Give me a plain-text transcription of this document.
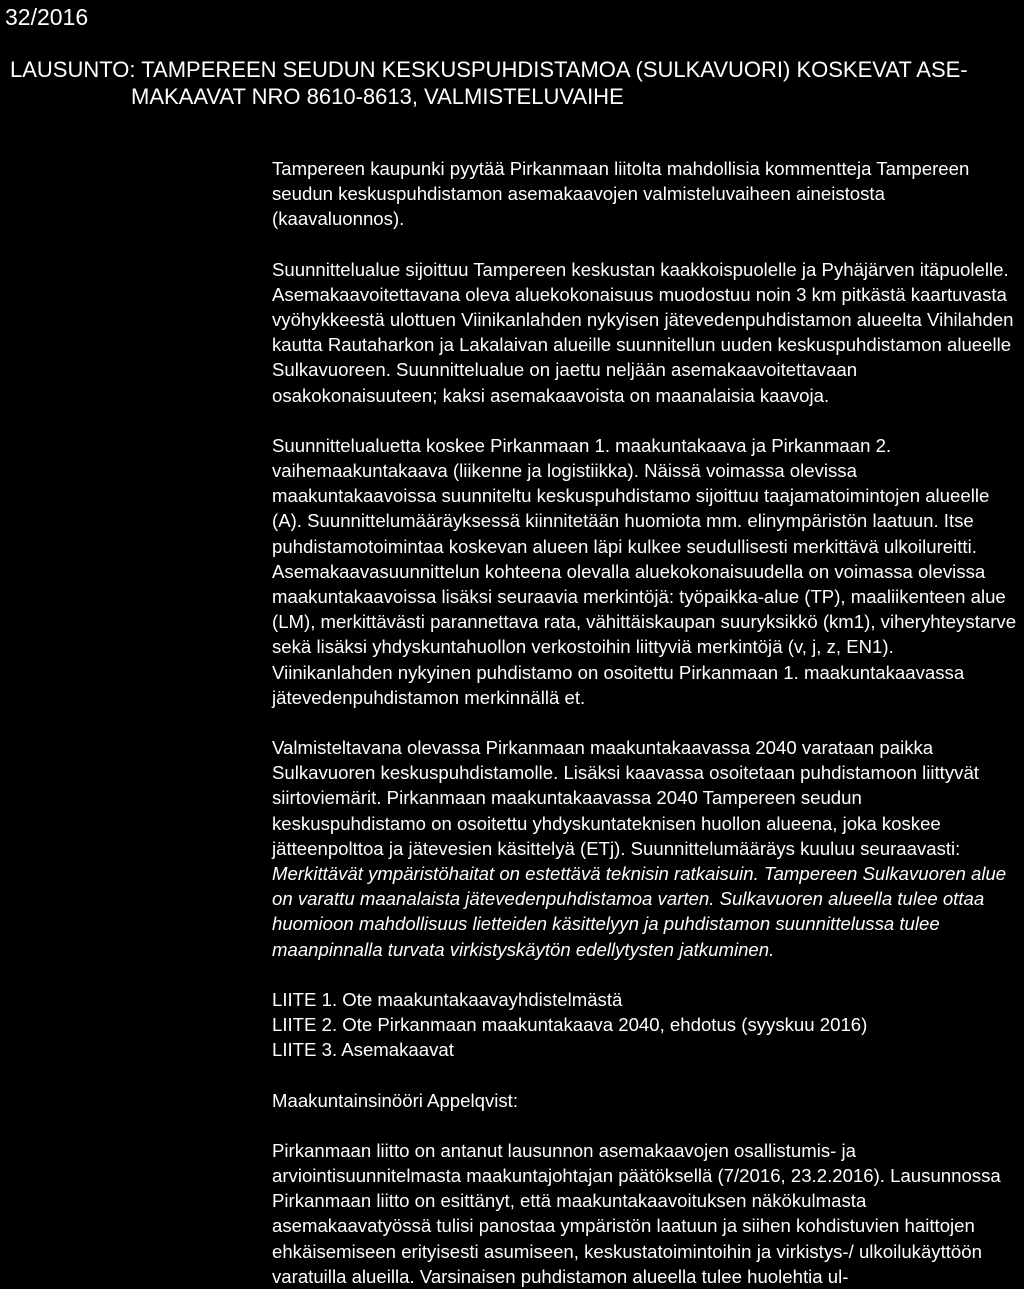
32/2016
LAUSUNTO: TAMPEREEN SEUDUN KESKUSPUHDISTAMOA (SULKAVUORI) KOSKEVAT ASE-
MAKAAVAT NRO 8610-8613, VALMISTELUVAIHE

Tampereen kaupunki pyytää Pirkanmaan liitolta mahdollisia kommentteja Tampereen seudun keskuspuhdistamon asemakaavojen valmisteluvaiheen aineistosta (kaavaluonnos).

Suunnittelualue sijoittuu Tampereen keskustan kaakkoispuolelle ja Pyhäjärven itäpuolelle. Asemakaavoitettavana oleva aluekokonaisuus muodostuu noin 3 km pitkästä kaartuvasta vyöhykkeestä ulottuen Viinikanlahden nykyisen jätevedenpuhdistamon alueelta Vihilahden kautta Rautaharkon ja Lakalaivan alueille suunnitellun uuden keskuspuhdistamon alueelle Sulkavuoreen. Suunnittelualue on jaettu neljään asemakaavoitettavaan osakokonaisuuteen; kaksi asemakaavoista on maanalaisia kaavoja.

Suunnittelualuetta koskee Pirkanmaan 1. maakuntakaava ja Pirkanmaan 2. vaihemaakuntakaava (liikenne ja logistiikka). Näissä voimassa olevissa maakuntakaavoissa suunniteltu keskuspuhdistamo sijoittuu taajamatoimintojen alueelle (A). Suunnittelumääräyksessä kiinnitetään huomiota mm. elinympäristön laatuun. Itse puhdistamotoimintaa koskevan alueen läpi kulkee seudullisesti merkittävä ulkoilureitti. Asemakaavasuunnittelun kohteena olevalla aluekokonaisuudella on voimassa olevissa maakuntakaavoissa lisäksi seuraavia merkintöjä: työpaikka-alue (TP), maaliikenteen alue (LM), merkittävästi parannettava rata, vähittäiskaupan suuryksikkö (km1), viheryhteystarve sekä lisäksi yhdyskuntahuollon verkostoihin liittyviä merkintöjä (v, j, z, EN1). Viinikanlahden nykyinen puhdistamo on osoitettu Pirkanmaan 1. maakuntakaavassa jätevedenpuhdistamon merkinnällä et.

Valmisteltavana olevassa Pirkanmaan maakuntakaavassa 2040 varataan paikka Sulkavuoren keskuspuhdistamolle. Lisäksi kaavassa osoitetaan puhdistamoon liittyvät siirtoviemärit. Pirkanmaan maakuntakaavassa 2040 Tampereen seudun keskuspuhdistamo on osoitettu yhdyskuntateknisen huollon alueena, joka koskee jätteenpolttoa ja jätevesien käsittelyä (ETj). Suunnittelumääräys kuuluu seuraavasti: Merkittävät ympäristöhaitat on estettävä teknisin ratkaisuin. Tampereen Sulkavuoren alue on varattu maanalaista jätevedenpuhdistamoa varten. Sulkavuoren alueella tulee ottaa huomioon mahdollisuus lietteiden käsittelyyn ja puhdistamon suunnittelussa tulee maanpinnalla turvata virkistyskäytön edellytysten jatkuminen.

LIITE 1. Ote maakuntakaavayhdistelmästä
LIITE 2. Ote Pirkanmaan maakuntakaava 2040, ehdotus (syyskuu 2016)
LIITE 3. Asemakaavat

Maakuntainsinööri Appelqvist:

Pirkanmaan liitto on antanut lausunnon asemakaavojen osallistumis- ja arviointisuunnitelmasta maakuntajohtajan päätöksellä (7/2016, 23.2.2016). Lausunnossa Pirkanmaan liitto on esittänyt, että maakuntakaavoituksen näkökulmasta asemakaavatyössä tulisi panostaa ympäristön laatuun ja siihen kohdistuvien haittojen ehkäisemiseen erityisesti asumiseen, keskustatoimintoihin ja virkistys-/ ulkoilukäyttöön varatuilla alueilla. Varsinaisen puhdistamon alueella tulee huolehtia ul-
